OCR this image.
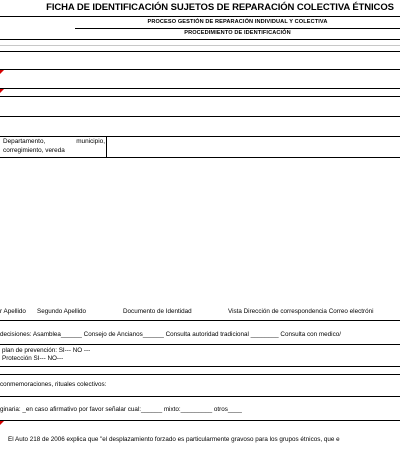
FICHA DE IDENTIFICACIÓN SUJETOS DE REPARACIÓN COLECTIVA ÉTNICOS
PROCESO GESTIÓN DE REPARACIÓN INDIVIDUAL Y COLECTIVA
PROCEDIMIENTO DE IDENTIFICACIÓN
Departamento, municipio, corregimiento, vereda
r Apellido Segundo Apellido	Documento de Identidad	Vista Dirección de correspondencia Correo electróni
decisiones: Asamblea______ Consejo de Ancianos______ Consulta autoridad tradicional ________ Consulta con medico/
plan de prevención: SI--- NO ---
Protección SI--- NO---
conmemoraciones, rituales colectivos:
ginaria: _en caso afirmativo por favor señalar cual:______ mixto:_________ otros____
El Auto 218 de 2006 explica que "el desplazamiento forzado es particularmente gravoso para los grupos étnicos, que e
